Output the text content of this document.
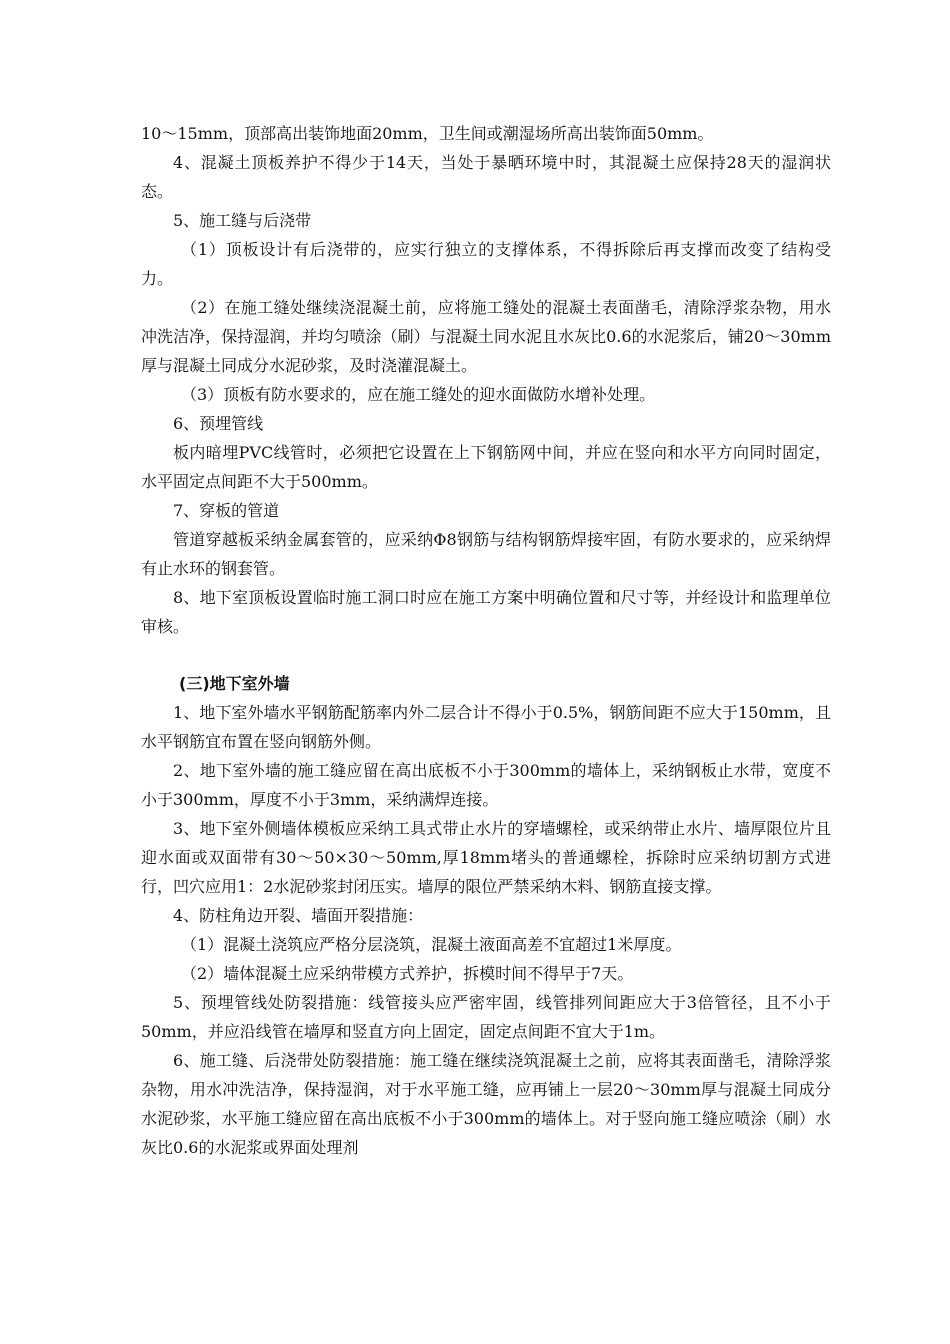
10～15mm，顶部高出装饰地面20mm，卫生间或潮湿场所高出装饰面50mm。

4、混凝土顶板养护不得少于14天，当处于暴晒环境中时，其混凝土应保持28天的湿润状态。

5、施工缝与后浇带

（1）顶板设计有后浇带的，应实行独立的支撑体系，不得拆除后再支撑而改变了结构受力。

（2）在施工缝处继续浇混凝土前，应将施工缝处的混凝土表面凿毛，清除浮浆杂物，用水冲洗洁净，保持湿润，并均匀喷涂（刷）与混凝土同水泥且水灰比0.6的水泥浆后，铺20～30mm厚与混凝土同成分水泥砂浆，及时浇灌混凝土。

（3）顶板有防水要求的，应在施工缝处的迎水面做防水增补处理。

6、预埋管线

板内暗埋PVC线管时，必须把它设置在上下钢筋网中间，并应在竖向和水平方向同时固定，水平固定点间距不大于500mm。

7、穿板的管道

管道穿越板采纳金属套管的，应采纳Φ8钢筋与结构钢筋焊接牢固，有防水要求的，应采纳焊有止水环的钢套管。

8、地下室顶板设置临时施工洞口时应在施工方案中明确位置和尺寸等，并经设计和监理单位审核。

(三)地下室外墙

1、地下室外墙水平钢筋配筋率内外二层合计不得小于0.5%，钢筋间距不应大于150mm，且水平钢筋宜布置在竖向钢筋外侧。

2、地下室外墙的施工缝应留在高出底板不小于300mm的墙体上，采纳钢板止水带，宽度不小于300mm，厚度不小于3mm，采纳满焊连接。

3、地下室外侧墙体模板应采纳工具式带止水片的穿墙螺栓，或采纳带止水片、墙厚限位片且迎水面或双面带有30～50×30～50mm,厚18mm堵头的普通螺栓，拆除时应采纳切割方式进行，凹穴应用1：2水泥砂浆封闭压实。墙厚的限位严禁采纳木料、钢筋直接支撑。

4、防柱角边开裂、墙面开裂措施：

（1）混凝土浇筑应严格分层浇筑，混凝土液面高差不宜超过1米厚度。

（2）墙体混凝土应采纳带模方式养护，拆模时间不得早于7天。

5、预埋管线处防裂措施：线管接头应严密牢固，线管排列间距应大于3倍管径，且不小于50mm，并应沿线管在墙厚和竖直方向上固定，固定点间距不宜大于1m。

6、施工缝、后浇带处防裂措施：施工缝在继续浇筑混凝土之前，应将其表面凿毛，清除浮浆杂物，用水冲洗洁净，保持湿润，对于水平施工缝，应再铺上一层20～30mm厚与混凝土同成分水泥砂浆，水平施工缝应留在高出底板不小于300mm的墙体上。对于竖向施工缝应喷涂（刷）水灰比0.6的水泥浆或界面处理剂
